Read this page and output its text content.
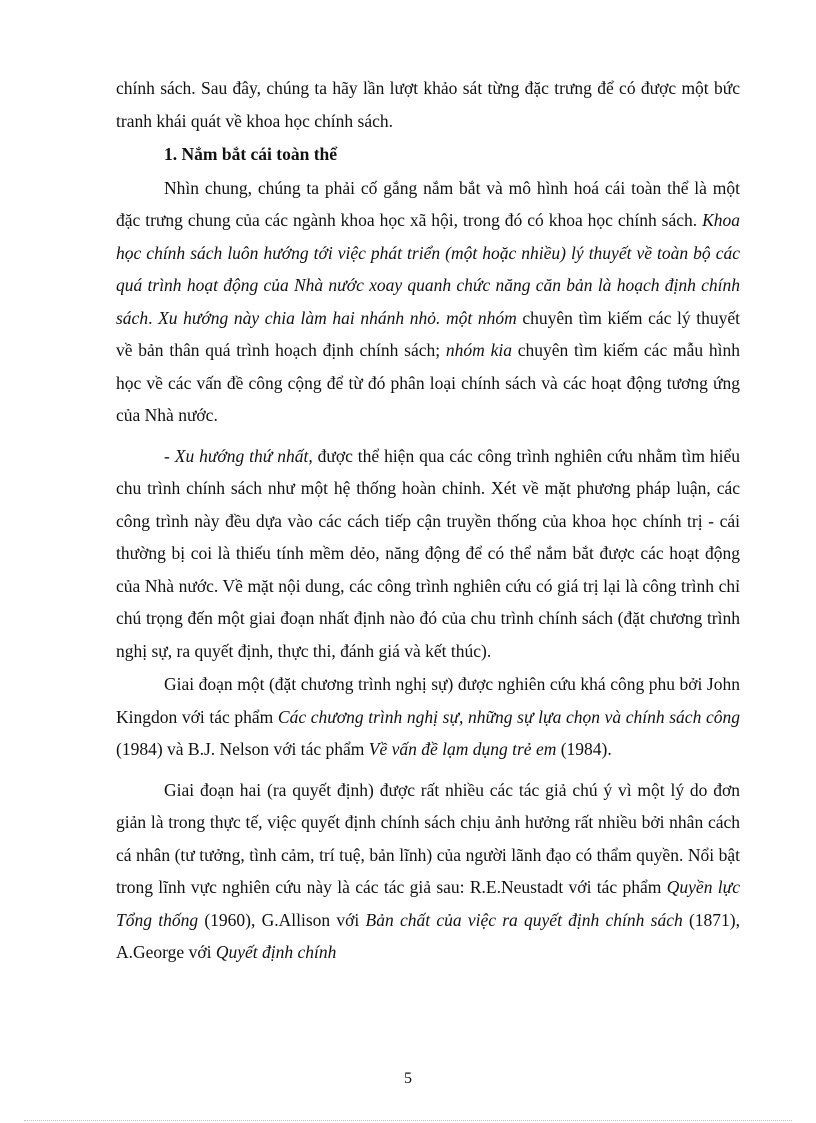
chính sách. Sau đây, chúng ta hãy lần lượt khảo sát từng đặc trưng để có được một bức tranh khái quát về khoa học chính sách.

1. Nắm bắt cái toàn thể

Nhìn chung, chúng ta phải cố gắng nắm bắt và mô hình hoá cái toàn thể là một đặc trưng chung của các ngành khoa học xã hội, trong đó có khoa học chính sách. Khoa học chính sách luôn hướng tới việc phát triển (một hoặc nhiều) lý thuyết về toàn bộ các quá trình hoạt động của Nhà nước xoay quanh chức năng căn bản là hoạch định chính sách. Xu hướng này chia làm hai nhánh nhỏ. một nhóm chuyên tìm kiếm các lý thuyết về bản thân quá trình hoạch định chính sách; nhóm kia chuyên tìm kiếm các mẫu hình học về các vấn đề công cộng để từ đó phân loại chính sách và các hoạt động tương ứng của Nhà nước.

- Xu hướng thứ nhất, được thể hiện qua các công trình nghiên cứu nhằm tìm hiểu chu trình chính sách như một hệ thống hoàn chỉnh. Xét về mặt phương pháp luận, các công trình này đều dựa vào các cách tiếp cận truyền thống của khoa học chính trị - cái thường bị coi là thiếu tính mềm dẻo, năng động để có thể nắm bắt được các hoạt động của Nhà nước. Về mặt nội dung, các công trình nghiên cứu có giá trị lại là công trình chỉ chú trọng đến một giai đoạn nhất định nào đó của chu trình chính sách (đặt chương trình nghị sự, ra quyết định, thực thi, đánh giá và kết thúc).

Giai đoạn một (đặt chương trình nghị sự) được nghiên cứu khá công phu bởi John Kingdon với tác phẩm Các chương trình nghị sự, những sự lựa chọn và chính sách công (1984) và B.J. Nelson với tác phẩm Về vấn đề lạm dụng trẻ em (1984).

Giai đoạn hai (ra quyết định) được rất nhiều các tác giả chú ý vì một lý do đơn giản là trong thực tế, việc quyết định chính sách chịu ảnh hưởng rất nhiều bởi nhân cách cá nhân (tư tưởng, tình cảm, trí tuệ, bản lĩnh) của người lãnh đạo có thẩm quyền. Nổi bật trong lĩnh vực nghiên cứu này là các tác giả sau: R.E.Neustadt với tác phẩm Quyền lực Tổng thống (1960), G.Allison với Bản chất của việc ra quyết định chính sách (1871), A.George với Quyết định chính

5
